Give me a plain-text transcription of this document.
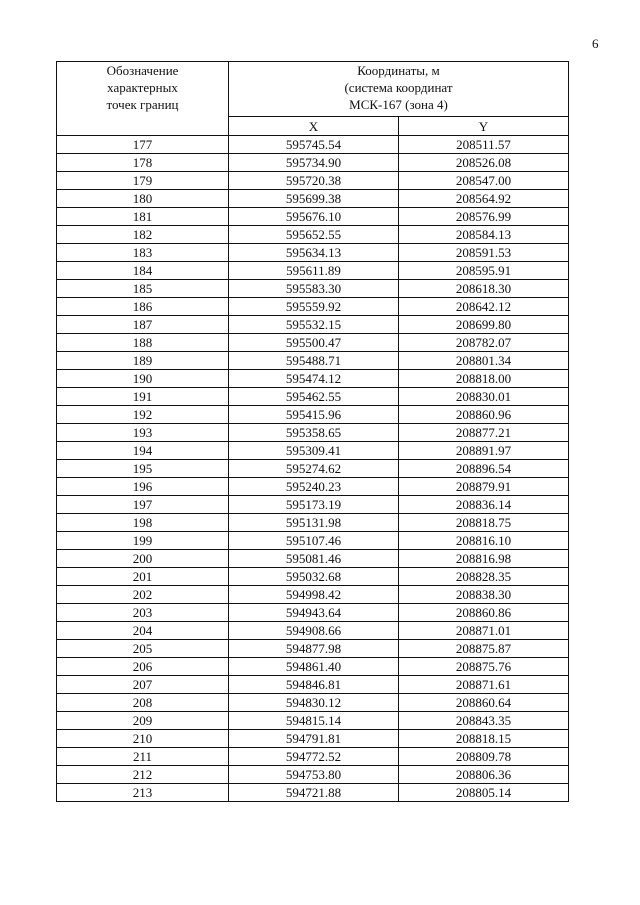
6
Обозначение
характерных
точек границ	Координаты, м
(система координат
МСК-167 (зона 4)	

	X	Y
177	595745.54	208511.57
178	595734.90	208526.08
179	595720.38	208547.00
180	595699.38	208564.92
181	595676.10	208576.99
182	595652.55	208584.13
183	595634.13	208591.53
184	595611.89	208595.91
185	595583.30	208618.30
186	595559.92	208642.12
187	595532.15	208699.80
188	595500.47	208782.07
189	595488.71	208801.34
190	595474.12	208818.00
191	595462.55	208830.01
192	595415.96	208860.96
193	595358.65	208877.21
194	595309.41	208891.97
195	595274.62	208896.54
196	595240.23	208879.91
197	595173.19	208836.14
198	595131.98	208818.75
199	595107.46	208816.10
200	595081.46	208816.98
201	595032.68	208828.35
202	594998.42	208838.30
203	594943.64	208860.86
204	594908.66	208871.01
205	594877.98	208875.87
206	594861.40	208875.76
207	594846.81	208871.61
208	594830.12	208860.64
209	594815.14	208843.35
210	594791.81	208818.15
211	594772.52	208809.78
212	594753.80	208806.36
213	594721.88	208805.14
